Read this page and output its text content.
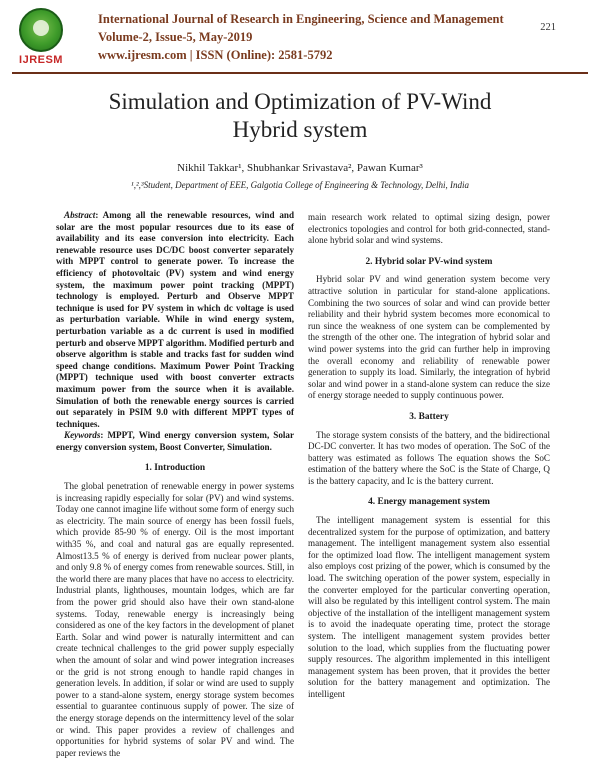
IJRESM
International Journal of Research in Engineering, Science and Management
Volume-2, Issue-5, May-2019
www.ijresm.com | ISSN (Online): 2581-5792
221
Simulation and Optimization of PV-Wind
Hybrid system
Nikhil Takkar¹, Shubhankar Srivastava², Pawan Kumar³
¹,²,³Student, Department of EEE, Galgotia College of Engineering & Technology, Delhi, India

Abstract: Among all the renewable resources, wind and solar are the most popular resources due to its ease of availability and its ease conversion into electricity. Each renewable resource uses DC/DC boost converter separately with MPPT control to generate power. To increase the efficiency of photovoltaic (PV) system and wind energy system, the maximum power point tracking (MPPT) technology is employed. Perturb and Observe MPPT technique is used for PV system in which dc voltage is used as perturbation variable. While in wind energy system, perturbation variable as a dc current is used in modified perturb and observe MPPT algorithm. Modified perturb and observe algorithm is stable and tracks fast for sudden wind speed change conditions. Maximum Power Point Tracking (MPPT) technique used with boost converter extracts maximum power from the source when it is available. Simulation of both the renewable energy sources is carried out separately in PSIM 9.0 with different MPPT types of techniques.

Keywords: MPPT, Wind energy conversion system, Solar energy conversion system, Boost Converter, Simulation.

1. Introduction

The global penetration of renewable energy in power systems is increasing rapidly especially for solar (PV) and wind systems. Today one cannot imagine life without some form of energy such as electricity. The main source of energy has been fossil fuels, which provide 85-90 % of energy. Oil is the most important with35 %, and coal and natural gas are equally represented. Almost13.5 % of energy is derived from nuclear power plants, and only 9.8 % of energy comes from renewable sources. Still, in the world there are many places that have no access to electricity. Industrial plants, lighthouses, mountain lodges, which are far from the power grid should also have their own stand-alone systems. Today, renewable energy is increasingly being considered as one of the key factors in the development of planet Earth. Solar and wind power is naturally intermittent and can create technical challenges to the grid power supply especially when the amount of solar and wind power integration increases or the grid is not strong enough to handle rapid changes in generation levels. In addition, if solar or wind are used to supply power to a stand-alone system, energy storage system becomes essential to guarantee continuous supply of power. The size of the energy storage depends on the intermittency level of the solar or wind. This paper provides a review of challenges and opportunities for hybrid systems of solar PV and wind. The paper reviews the

main research work related to optimal sizing design, power electronics topologies and control for both grid-connected, stand-alone hybrid solar and wind systems.

2. Hybrid solar PV-wind system

Hybrid solar PV and wind generation system become very attractive solution in particular for stand-alone applications. Combining the two sources of solar and wind can provide better reliability and their hybrid system becomes more economical to run since the weakness of one system can be complemented by the strength of the other one. The integration of hybrid solar and wind power systems into the grid can further help in improving the overall economy and reliability of renewable power generation to supply its load. Similarly, the integration of hybrid solar and wind power in a stand-alone system can reduce the size of energy storage needed to supply continuous power.

3. Battery

The storage system consists of the battery, and the bidirectional DC-DC converter. It has two modes of operation. The SoC of the battery was estimated as follows The equation shows the SoC estimation of the battery where the SoC is the State of Charge, Q is the battery capacity, and Ic is the battery current.

4. Energy management system

The intelligent management system is essential for this decentralized system for the purpose of optimization, and battery management. The intelligent management system also essential for the optimized load flow. The intelligent management system also employs cost prizing of the power, which is consumed by the load. The switching operation of the power system, especially in the converter employed for the particular converting operation, will also be regulated by this intelligent control system. The main objective of the installation of the intelligent management system is to avoid the inadequate operating time, protect the storage system. The intelligent management system provides better solution to the load, which supplies from the fluctuating power supply resources. The algorithm implemented in this intelligent management system has been proven, that it provides the better solution for the battery management and optimization. The intelligent
